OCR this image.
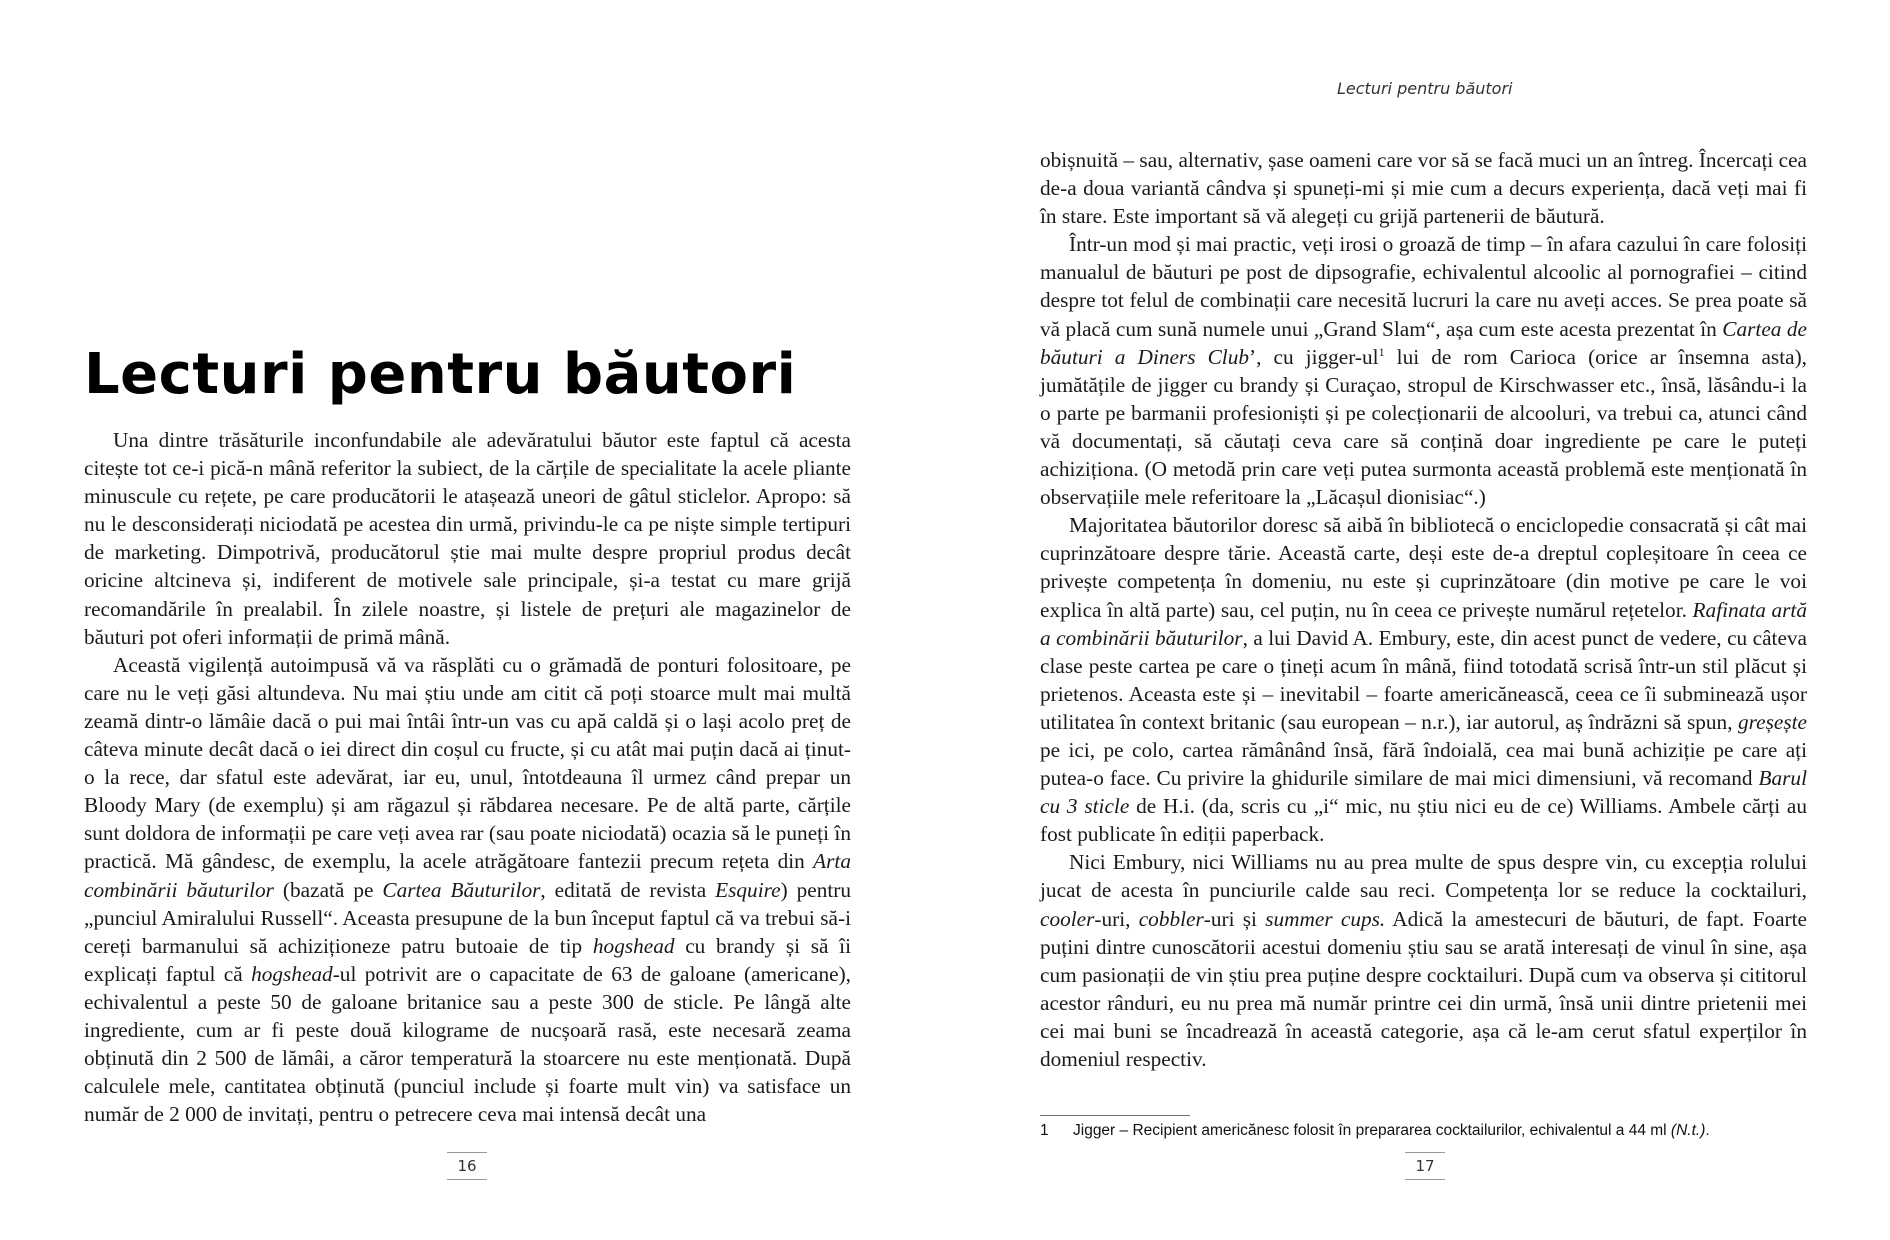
Lecturi pentru băutori

Una dintre trăsăturile inconfundabile ale adevăratului băutor este faptul că acesta citește tot ce-i pică-n mână referitor la subiect, de la cărțile de specialitate la acele pliante minuscule cu rețete, pe care producătorii le atașează uneori de gâtul sticlelor. Apropo: să nu le desconsiderați niciodată pe acestea din urmă, privindu-le ca pe niște simple tertipuri de marketing. Dimpotrivă, producătorul știe mai multe despre propriul produs decât oricine altcineva și, indiferent de motivele sale principale, și-a testat cu mare grijă recomandările în prealabil. În zilele noastre, și listele de prețuri ale magazinelor de băuturi pot oferi informații de primă mână.

Această vigilență autoimpusă vă va răsplăti cu o grămadă de ponturi folositoare, pe care nu le veți găsi altundeva. Nu mai știu unde am citit că poți stoarce mult mai multă zeamă dintr-o lămâie dacă o pui mai întâi într-un vas cu apă caldă și o lași acolo preț de câteva minute decât dacă o iei direct din coșul cu fructe, și cu atât mai puțin dacă ai ținut-o la rece, dar sfatul este adevărat, iar eu, unul, întotdeauna îl urmez când prepar un Bloody Mary (de exemplu) și am răgazul și răbdarea necesare. Pe de altă parte, cărțile sunt doldora de informații pe care veți avea rar (sau poate niciodată) ocazia să le puneți în practică. Mă gândesc, de exemplu, la acele atrăgătoare fantezii precum rețeta din Arta combinării băuturilor (bazată pe Cartea Băuturilor, editată de revista Esquire) pentru „punciul Amiralului Russell“. Aceasta presupune de la bun început faptul că va trebui să-i cereți barmanului să achiziționeze patru butoaie de tip hogshead cu brandy și să îi explicați faptul că hogshead-ul potrivit are o capacitate de 63 de galoane (americane), echivalentul a peste 50 de galoane britanice sau a peste 300 de sticle. Pe lângă alte ingrediente, cum ar fi peste două kilograme de nucșoară rasă, este necesară zeama obținută din 2 500 de lămâi, a căror temperatură la stoarcere nu este menționată. După calculele mele, cantitatea obținută (punciul include și foarte mult vin) va satisface un număr de 2 000 de invitați, pentru o petrecere ceva mai intensă decât una

16
Lecturi pentru băutori

obișnuită – sau, alternativ, șase oameni care vor să se facă muci un an întreg. Încercați cea de-a doua variantă cândva și spuneți-mi și mie cum a decurs experiența, dacă veți mai fi în stare. Este important să vă alegeți cu grijă partenerii de băutură.

Într-un mod și mai practic, veți irosi o groază de timp – în afara cazului în care folosiți manualul de băuturi pe post de dipsografie, echivalentul alcoolic al pornografiei – citind despre tot felul de combinații care necesită lucruri la care nu aveți acces. Se prea poate să vă placă cum sună numele unui „Grand Slam“, așa cum este acesta prezentat în Cartea de băuturi a Diners Club’, cu jigger-$ul^1$ lui de rom Carioca (orice ar însemna asta), jumătățile de jigger cu brandy și Curaçao, stropul de Kirschwasser etc., însă, lăsându-i la o parte pe barmanii profesioniști și pe colecționarii de alcooluri, va trebui ca, atunci când vă documentați, să căutați ceva care să conțină doar ingrediente pe care le puteți achiziționa. (O metodă prin care veți putea surmonta această problemă este menționată în observațiile mele referitoare la „Lăcașul dionisiac“.)

Majoritatea băutorilor doresc să aibă în bibliotecă o enciclopedie consacrată și cât mai cuprinzătoare despre tărie. Această carte, deși este de-a dreptul copleșitoare în ceea ce privește competența în domeniu, nu este și cuprinzătoare (din motive pe care le voi explica în altă parte) sau, cel puțin, nu în ceea ce privește numărul rețetelor. Rafinata artă a combinării băuturilor, a lui David A. Embury, este, din acest punct de vedere, cu câteva clase peste cartea pe care o țineți acum în mână, fiind totodată scrisă într-un stil plăcut și prietenos. Aceasta este și – inevitabil – foarte americănească, ceea ce îi subminează ușor utilitatea în context britanic (sau european – n.r.), iar autorul, aș îndrăzni să spun, greșește pe ici, pe colo, cartea rămânând însă, fără îndoială, cea mai bună achiziție pe care ați putea-o face. Cu privire la ghidurile similare de mai mici dimensiuni, vă recomand Barul cu 3 sticle de H.i. (da, scris cu „i“ mic, nu știu nici eu de ce) Williams. Ambele cărți au fost publicate în ediții paperback.

Nici Embury, nici Williams nu au prea multe de spus despre vin, cu excepția rolului jucat de acesta în punciurile calde sau reci. Competența lor se reduce la cocktailuri, cooler-uri, cobbler-uri și summer cups. Adică la amestecuri de băuturi, de fapt. Foarte puțini dintre cunoscătorii acestui domeniu știu sau se arată interesați de vinul în sine, așa cum pasionații de vin știu prea puține despre cocktailuri. După cum va observa și cititorul acestor rânduri, eu nu prea mă număr printre cei din urmă, însă unii dintre prietenii mei cei mai buni se încadrează în această categorie, așa că le-am cerut sfatul experților în domeniul respectiv.

1 Jigger – Recipient americănesc folosit în prepararea cocktailurilor, echivalentul a 44 ml (N.t.).
17
